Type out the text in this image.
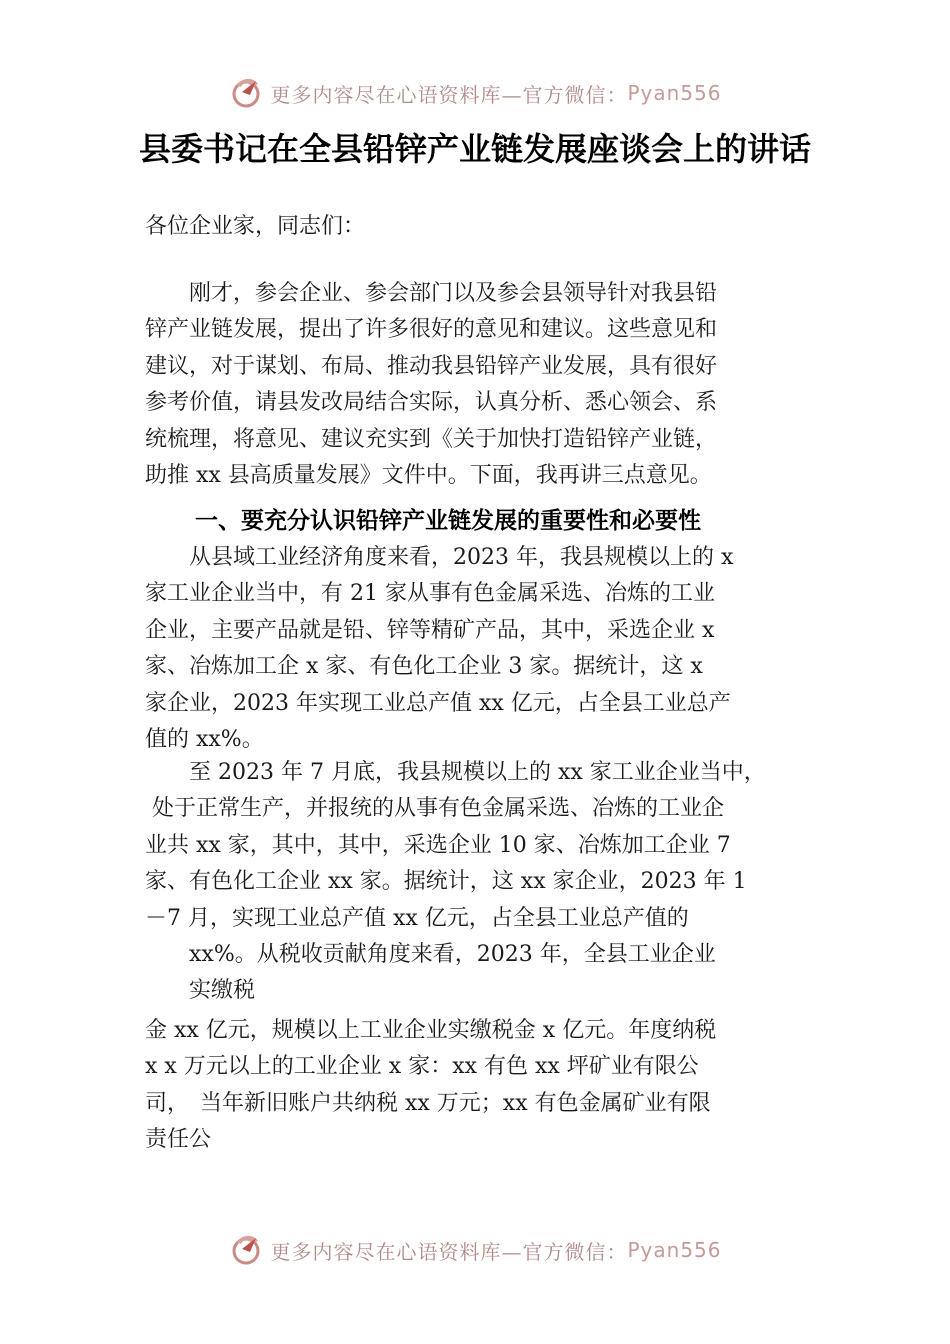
更多内容尽在心语资料库—官方微信： Pyan556
县委书记在全县铅锌产业链发展座谈会上的讲话
各位企业家，同志们：
　　刚才，参会企业、参会部门以及参会县领导针对我县铅
锌产业链发展，提出了许多很好的意见和建议。这些意见和
建议，对于谋划、布局、推动我县铅锌产业发展，具有很好
参考价值，请县发改局结合实际，认真分析、悉心领会、系
统梳理，将意见、建议充实到《关于加快打造铅锌产业链，
助推 xx 县高质量发展》文件中。下面，我再讲三点意见。
一、要充分认识铅锌产业链发展的重要性和必要性
　　从县域工业经济角度来看，2023 年，我县规模以上的 x
家工业企业当中，有 21 家从事有色金属采选、冶炼的工业
企业，主要产品就是铅、锌等精矿产品，其中，采选企业 x
家、冶炼加工企 x 家、有色化工企业 3 家。据统计，这 x
家企业，2023 年实现工业总产值 xx 亿元，占全县工业总产
值的 xx%。
　　至 2023 年 7 月底，我县规模以上的 xx 家工业企业当中，
处于正常生产，并报统的从事有色金属采选、冶炼的工业企
业共 xx 家，其中，其中，采选企业 10 家、冶炼加工企业 7
家、有色化工企业 xx 家。据统计，这 xx 家企业，2023 年 1
－7 月，实现工业总产值 xx 亿元，占全县工业总产值的
　　xx%。从税收贡献角度来看，2023 年，全县工业企业
　　实缴税
金 xx 亿元，规模以上工业企业实缴税金 x 亿元。年度纳税
x x 万元以上的工业企业 x 家：xx 有色 xx 坪矿业有限公
司，　当年新旧账户共纳税 xx 万元；xx 有色金属矿业有限
责任公
更多内容尽在心语资料库—官方微信： Pyan556
